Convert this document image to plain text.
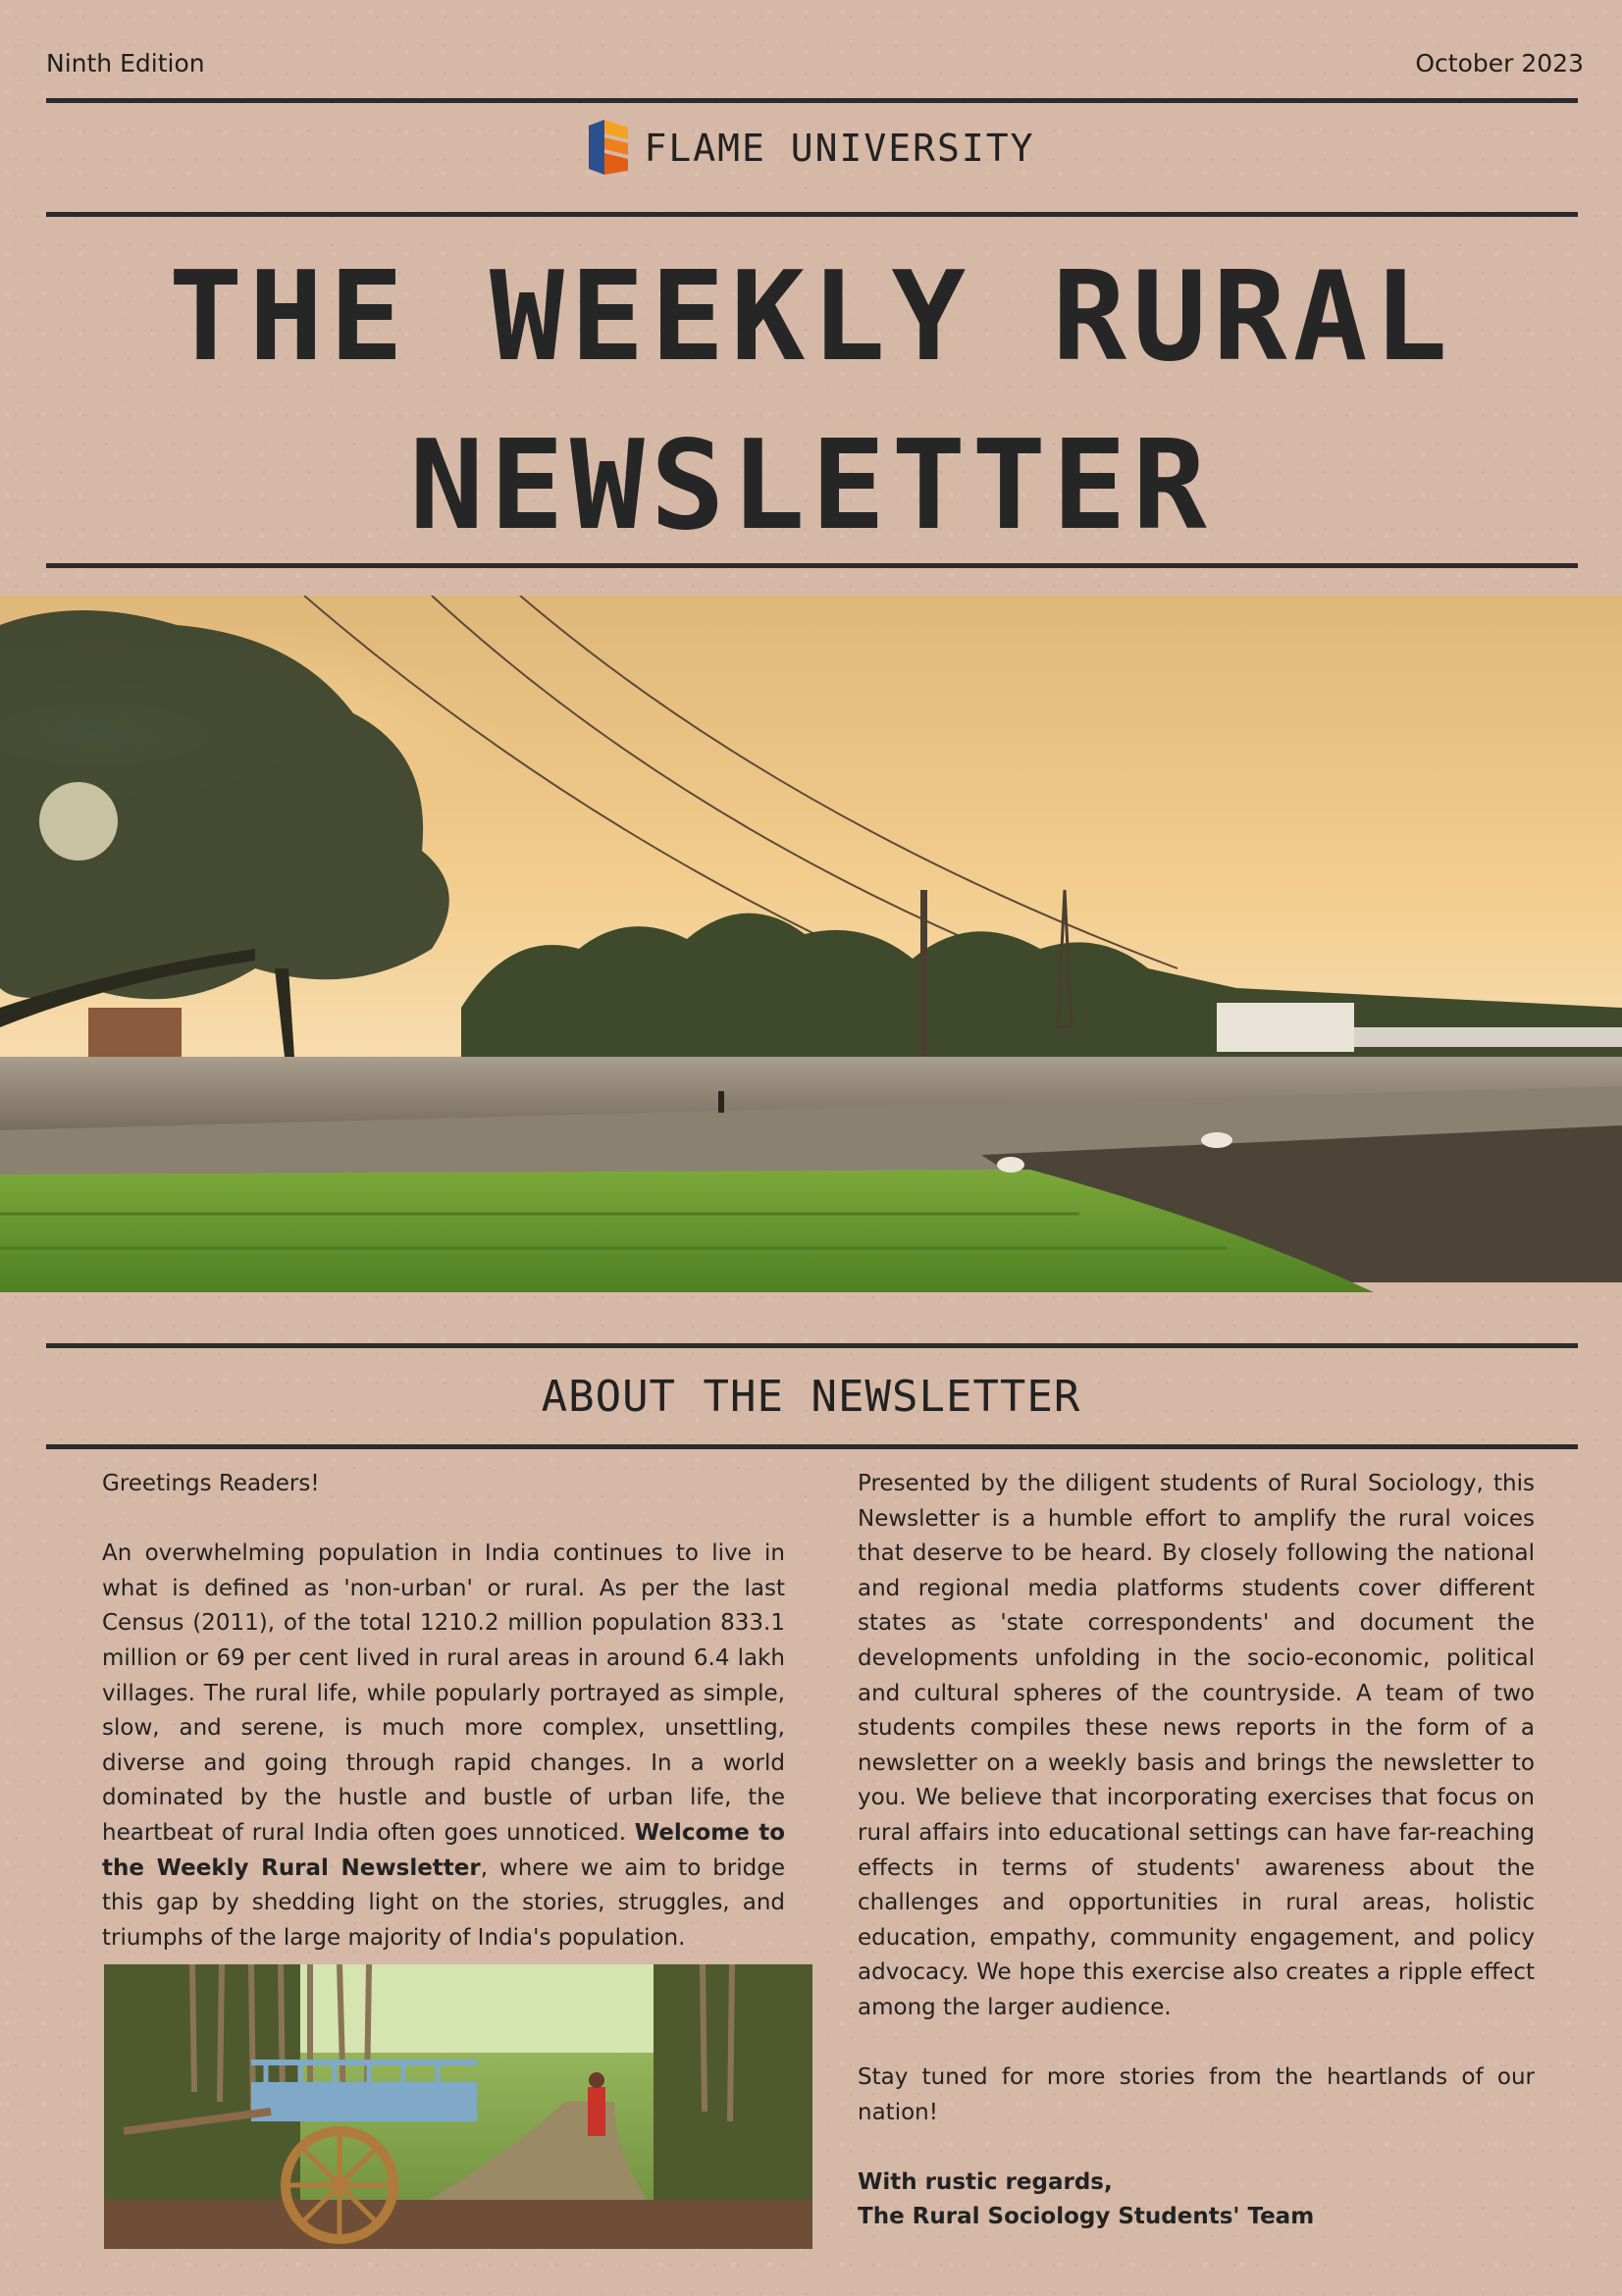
Ninth Edition	October 2023
FLAME UNIVERSITY
THE WEEKLY RURAL
NEWSLETTER
ABOUT THE NEWSLETTER

Greetings Readers!

An overwhelming population in India continues to live in what is defined as 'non-urban' or rural. As per the last Census (2011), of the total 1210.2 million population 833.1 million or 69 per cent lived in rural areas in around 6.4 lakh villages. The rural life, while popularly portrayed as simple, slow, and serene, is much more complex, unsettling, diverse and going through rapid changes. In a world dominated by the hustle and bustle of urban life, the heartbeat of rural India often goes unnoticed. Welcome to the Weekly Rural Newsletter, where we aim to bridge this gap by shedding light on the stories, struggles, and triumphs of the large majority of India's population.

Presented by the diligent students of Rural Sociology, this Newsletter is a humble effort to amplify the rural voices that deserve to be heard. By closely following the national and regional media platforms students cover different states as 'state correspondents' and document the developments unfolding in the socio-economic, political and cultural spheres of the countryside. A team of two students compiles these news reports in the form of a newsletter on a weekly basis and brings the newsletter to you. We believe that incorporating exercises that focus on rural affairs into educational settings can have far-reaching effects in terms of students' awareness about the challenges and opportunities in rural areas, holistic education, empathy, community engagement, and policy advocacy. We hope this exercise also creates a ripple effect among the larger audience.

Stay tuned for more stories from the heartlands of our nation!

With rustic regards,
The Rural Sociology Students' Team
